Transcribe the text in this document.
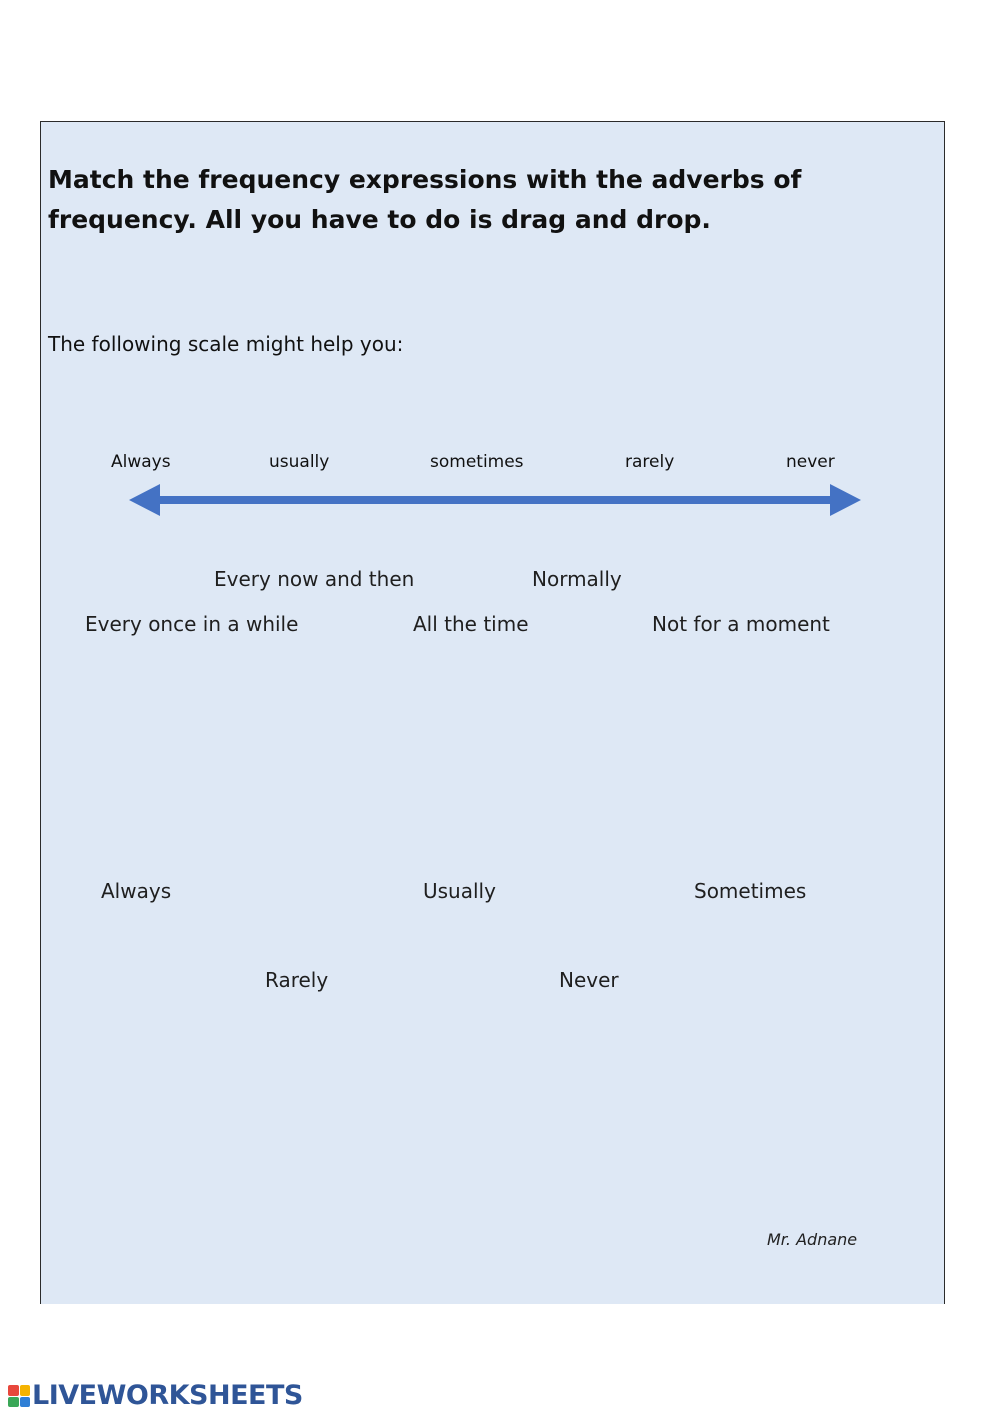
Match the frequency expressions with the adverbs of frequency. All you have to do is drag and drop.

The following scale might help you:

Always	usually	sometimes	rarely	never
Every now and then	Normally
Every once in a while	All the time	Not for a moment
Always	Usually	Sometimes
Rarely	Never
Mr. Adnane
LIVEWORKSHEETS
